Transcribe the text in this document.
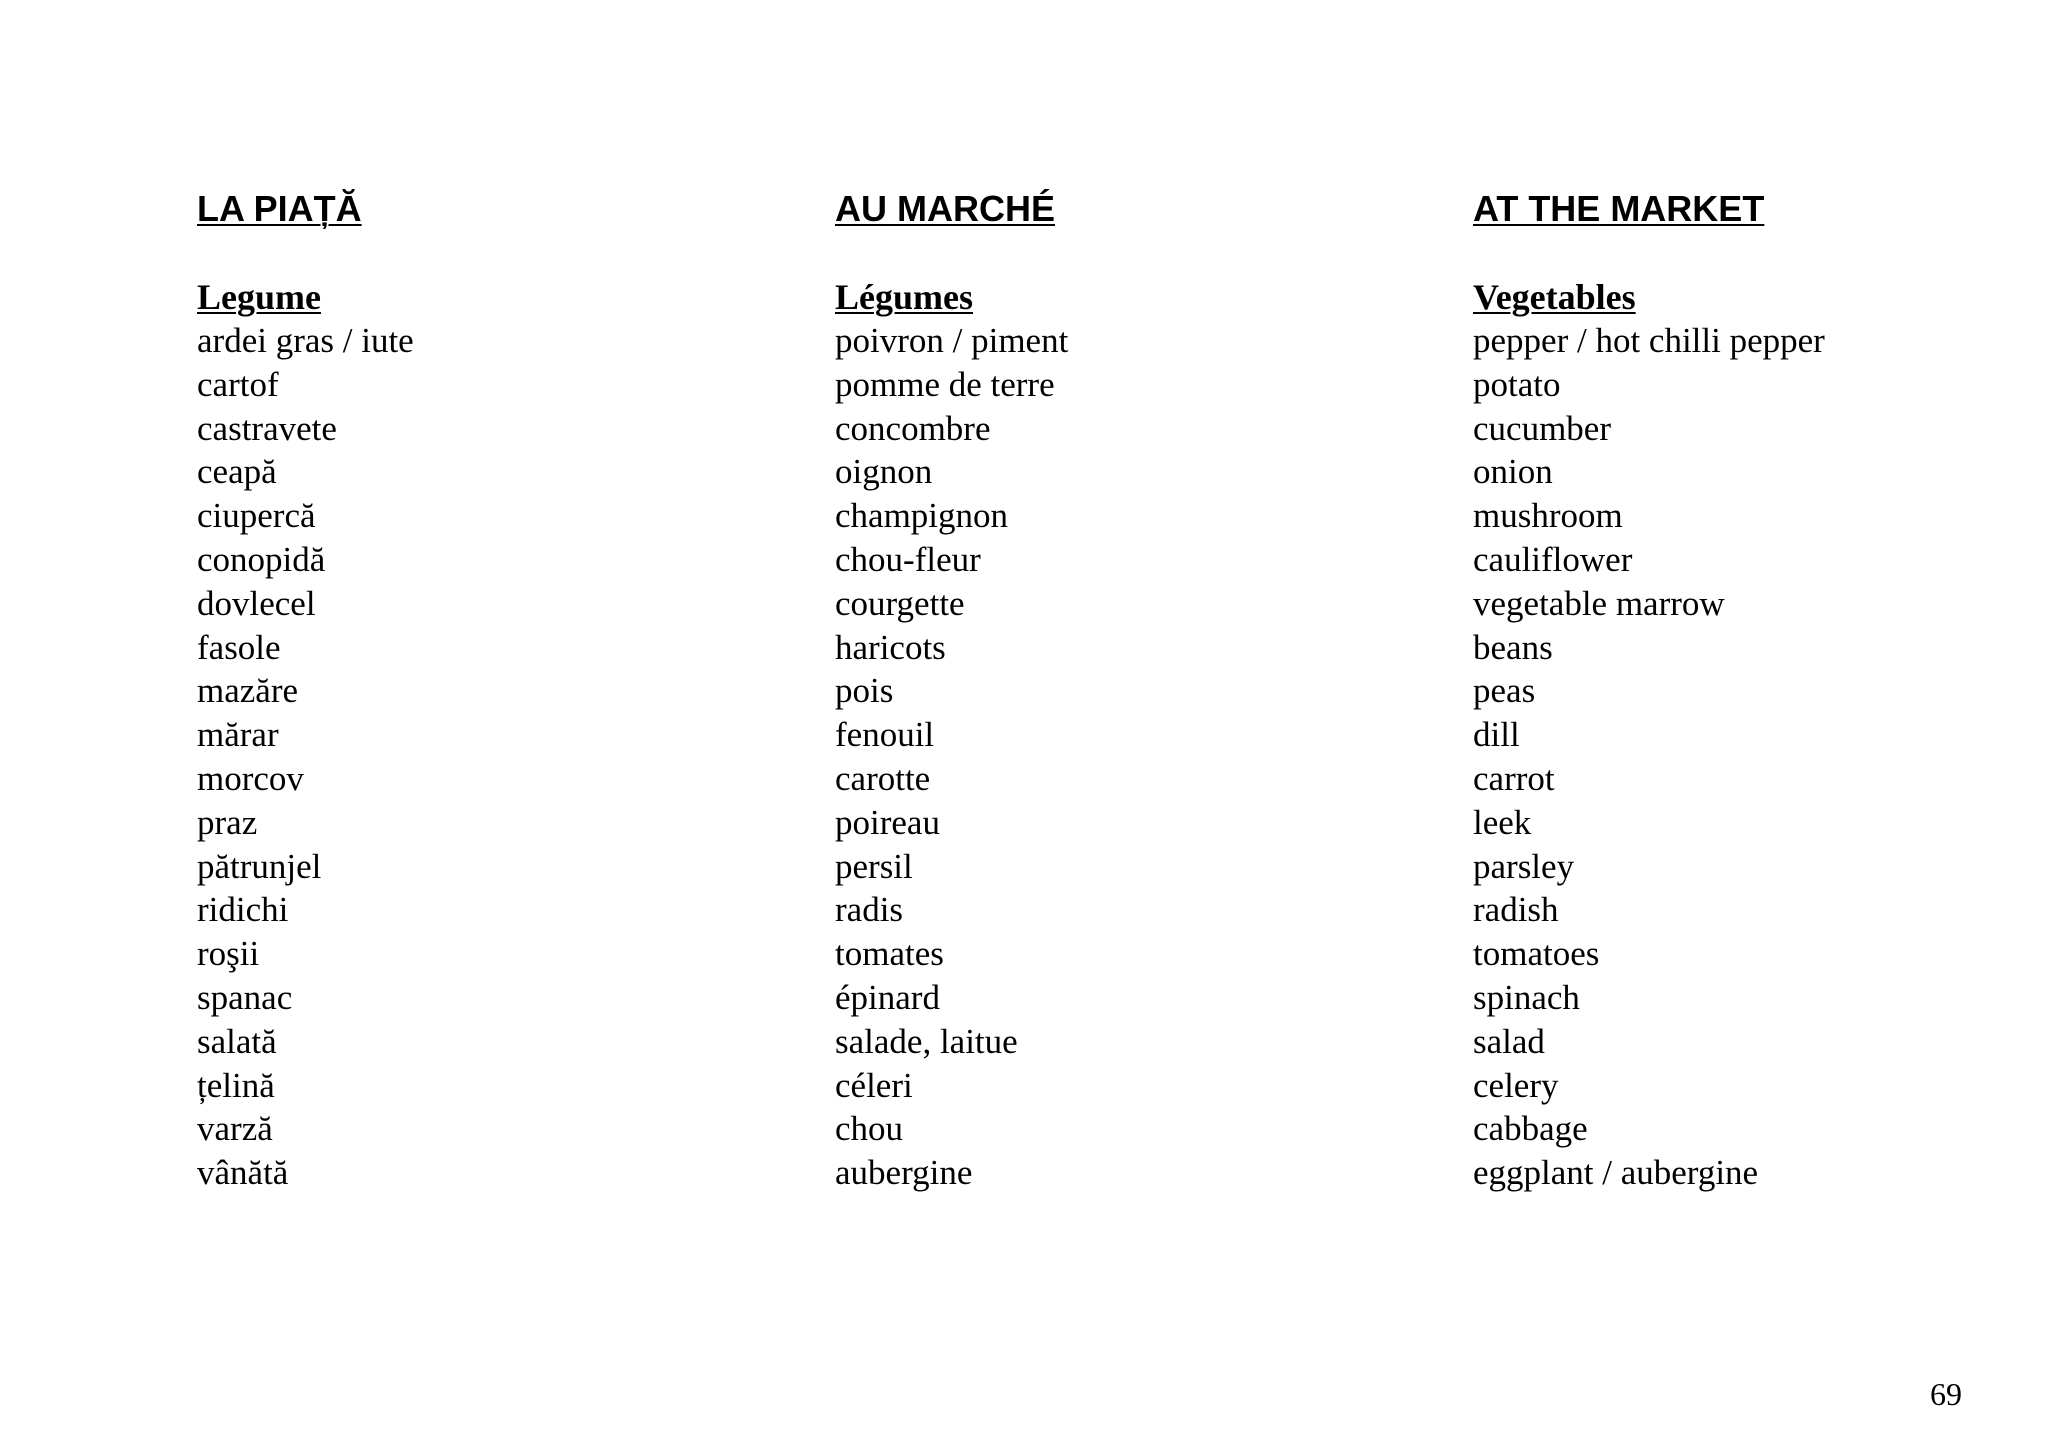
LA PIAȚĂ
Legume
ardei gras / iute
cartof
castravete
ceapă
ciupercă
conopidă
dovlecel
fasole
mazăre
mărar
morcov
praz
pătrunjel
ridichi
roşii
spanac
salată
țelină
varză
vânătă
AU MARCHÉ
Légumes
poivron / piment
pomme de terre
concombre
oignon
champignon
chou-fleur
courgette
haricots
pois
fenouil
carotte
poireau
persil
radis
tomates
épinard
salade, laitue
céleri
chou
aubergine
AT THE MARKET
Vegetables
pepper / hot chilli pepper
potato
cucumber
onion
mushroom
cauliflower
vegetable marrow
beans
peas
dill
carrot
leek
parsley
radish
tomatoes
spinach
salad
celery
cabbage
eggplant / aubergine
69
